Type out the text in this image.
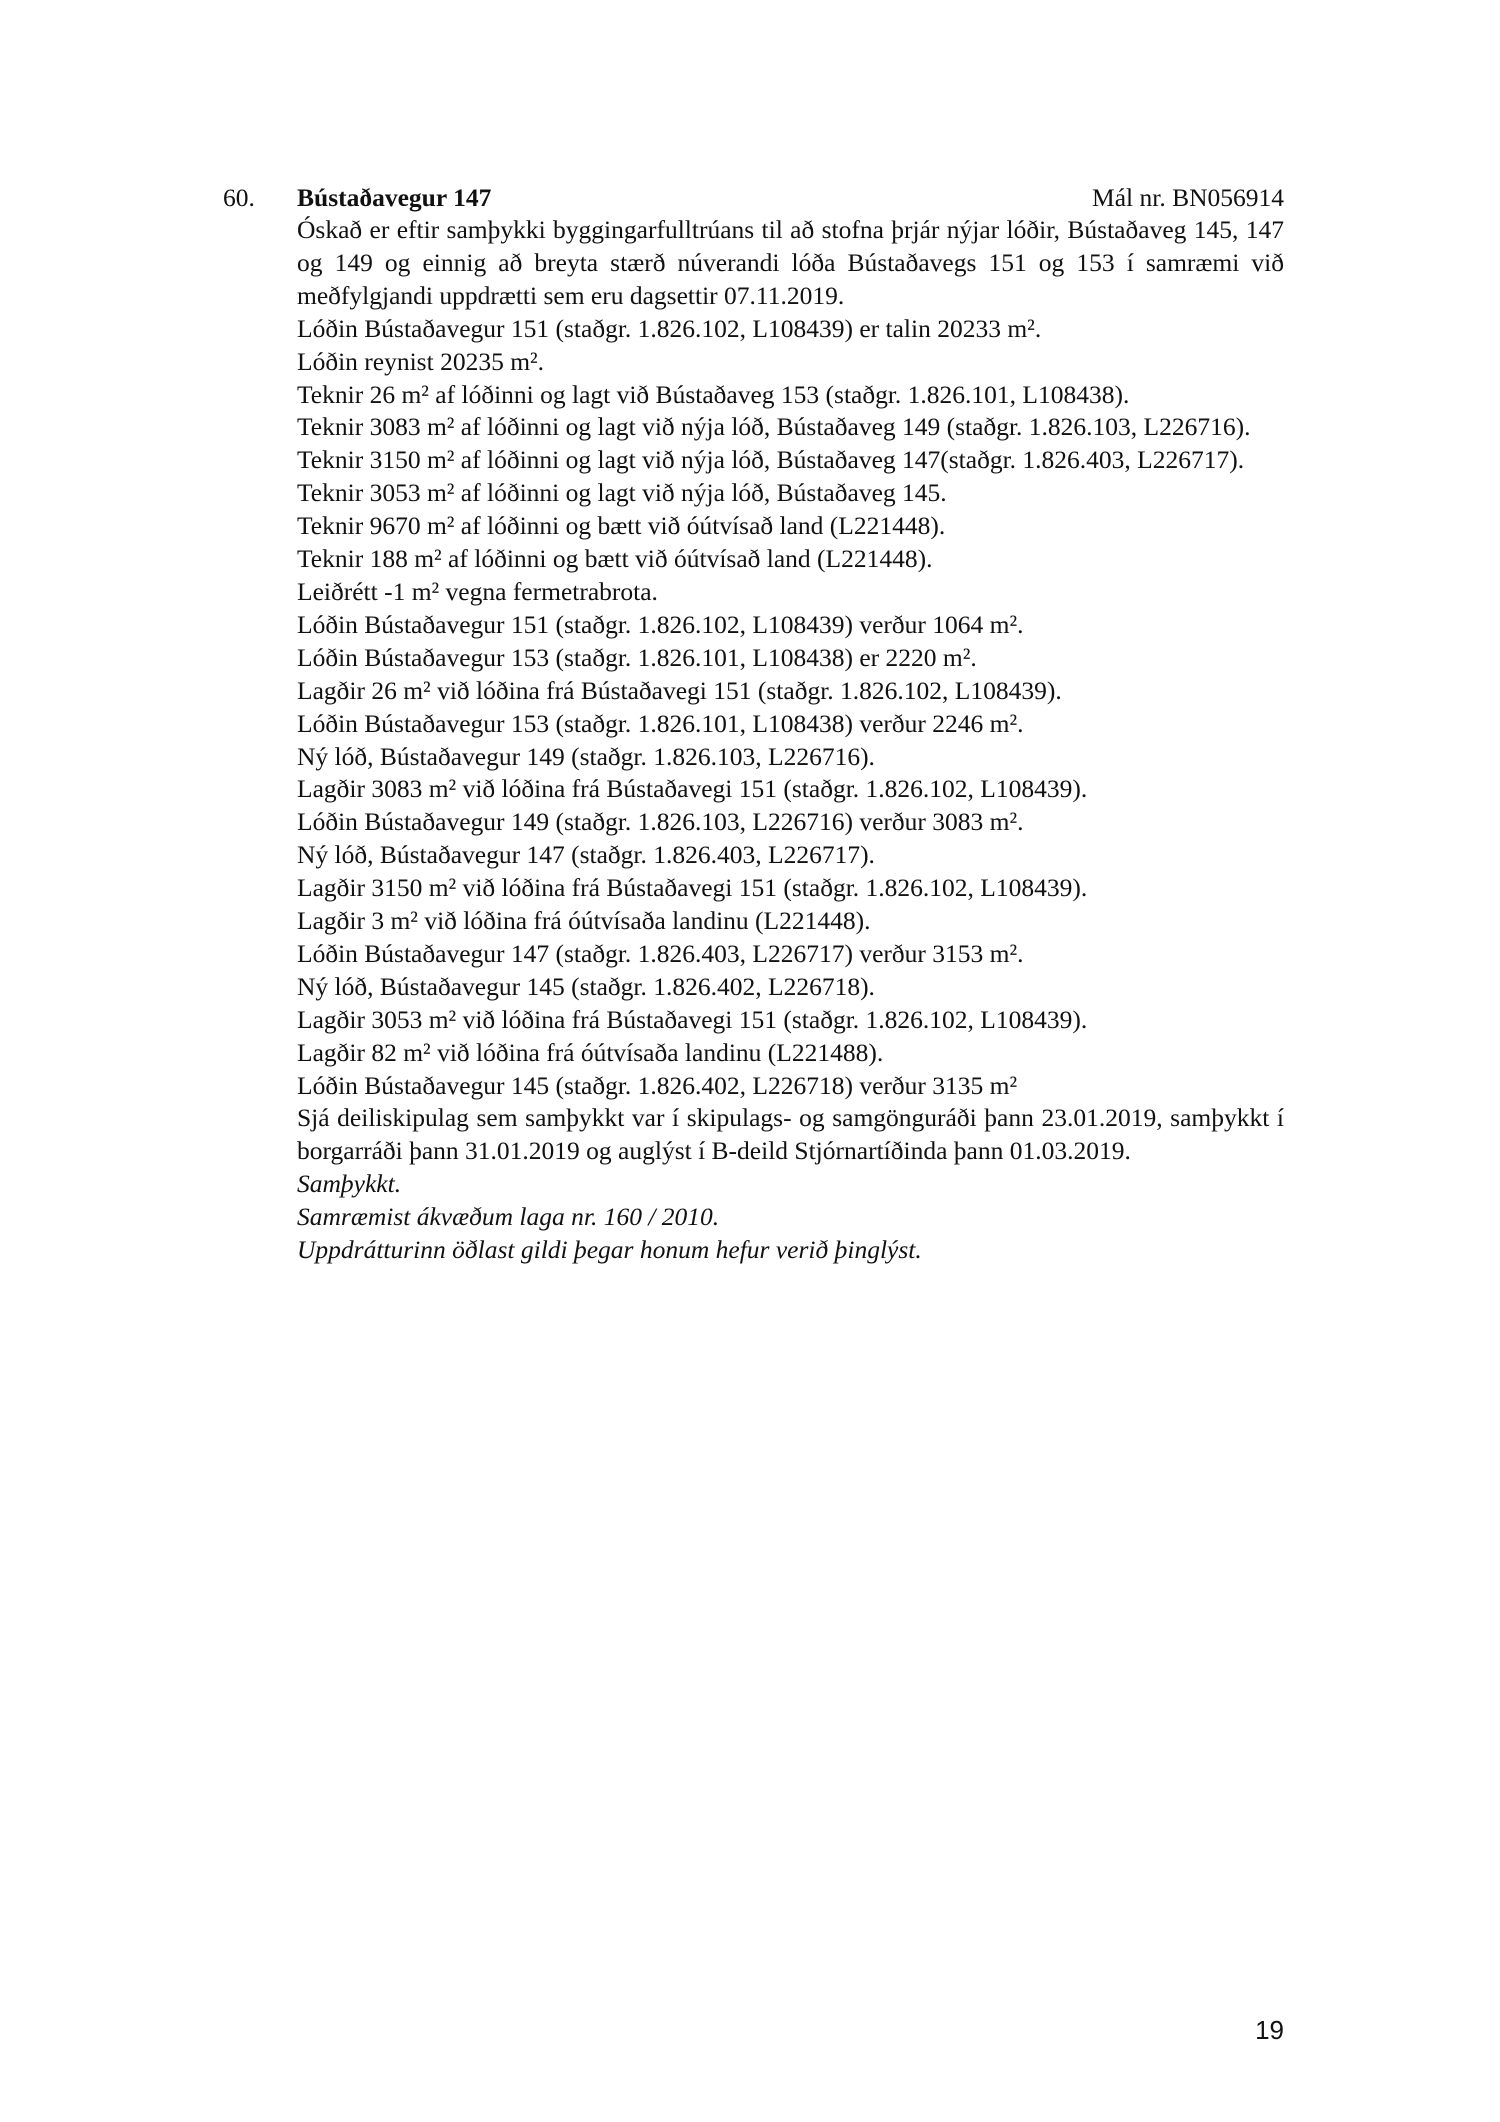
60. Bústaðavegur 147	Mál nr. BN056914

Óskað er eftir samþykki byggingarfulltrúans til að stofna þrjár nýjar lóðir, Bústaðaveg 145, 147 og 149 og einnig að breyta stærð núverandi lóða Bústaðavegs 151 og 153 í samræmi við meðfylgjandi uppdrætti sem eru dagsettir 07.11.2019.

Lóðin Bústaðavegur 151 (staðgr. 1.826.102, L108439) er talin 20233 m².

Lóðin reynist 20235 m².

Teknir 26 m² af lóðinni og lagt við Bústaðaveg 153 (staðgr. 1.826.101, L108438).

Teknir 3083 m² af lóðinni og lagt við nýja lóð, Bústaðaveg 149 (staðgr. 1.826.103, L226716).

Teknir 3150 m² af lóðinni og lagt við nýja lóð, Bústaðaveg 147(staðgr. 1.826.403, L226717).

Teknir 3053 m² af lóðinni og lagt við nýja lóð, Bústaðaveg 145.

Teknir 9670 m² af lóðinni og bætt við óútvísað land (L221448).

Teknir 188 m² af lóðinni og bætt við óútvísað land (L221448).

Leiðrétt -1 m² vegna fermetrabrota.

Lóðin Bústaðavegur 151 (staðgr. 1.826.102, L108439) verður 1064 m².

Lóðin Bústaðavegur 153 (staðgr. 1.826.101, L108438) er 2220 m².

Lagðir 26 m² við lóðina frá Bústaðavegi 151 (staðgr. 1.826.102, L108439).

Lóðin Bústaðavegur 153 (staðgr. 1.826.101, L108438) verður 2246 m².

Ný lóð, Bústaðavegur 149 (staðgr. 1.826.103, L226716).

Lagðir 3083 m² við lóðina frá Bústaðavegi 151 (staðgr. 1.826.102, L108439).

Lóðin Bústaðavegur 149 (staðgr. 1.826.103, L226716) verður 3083 m².

Ný lóð, Bústaðavegur 147 (staðgr. 1.826.403, L226717).

Lagðir 3150 m² við lóðina frá Bústaðavegi 151 (staðgr. 1.826.102, L108439).

Lagðir 3 m² við lóðina frá óútvísaða landinu (L221448).

Lóðin Bústaðavegur 147 (staðgr. 1.826.403, L226717) verður 3153 m².

Ný lóð, Bústaðavegur 145 (staðgr. 1.826.402, L226718).

Lagðir 3053 m² við lóðina frá Bústaðavegi 151 (staðgr. 1.826.102, L108439).

Lagðir 82 m² við lóðina frá óútvísaða landinu (L221488).

Lóðin Bústaðavegur 145 (staðgr. 1.826.402, L226718) verður 3135 m²

Sjá deiliskipulag sem samþykkt var í skipulags- og samgönguráði þann 23.01.2019, samþykkt í borgarráði þann 31.01.2019 og auglýst í B-deild Stjórnartíðinda þann 01.03.2019.

Samþykkt.

Samræmist ákvæðum laga nr. 160 / 2010.

Uppdrátturinn öðlast gildi þegar honum hefur verið þinglýst.

19
